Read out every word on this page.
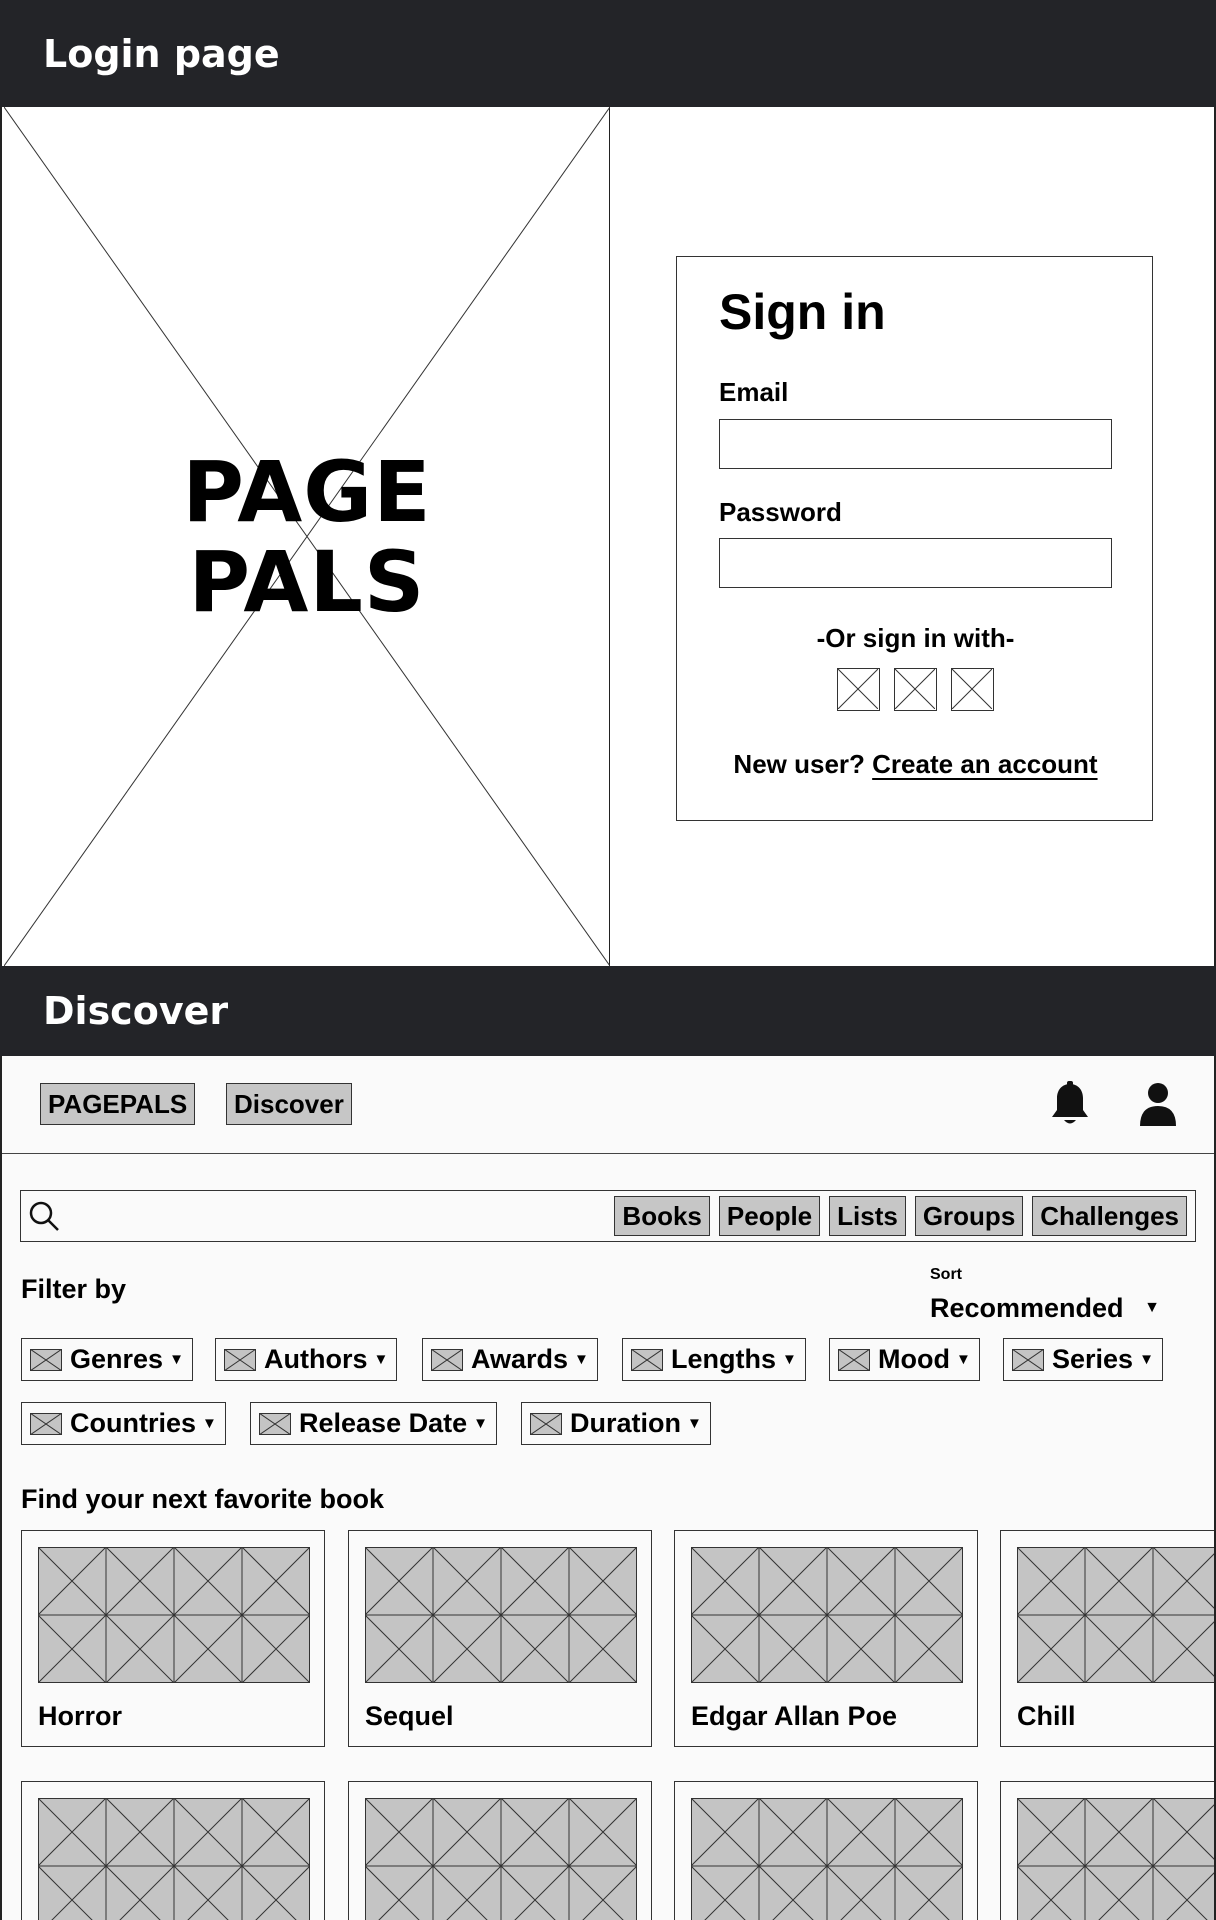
Login page
PAGE
PALS
Sign in
Email
Password
-Or sign in with-
New user? Create an account
Discover
PAGEPALS	Discover
Books People Lists Groups Challenges
Filter by	Sort
Recommended ▼
Genres ▼	Authors ▼	Awards ▼	Lengths ▼	Mood ▼	Series ▼
Countries ▼	Release Date ▼	Duration ▼
Find your next favorite book
Horror	Sequel	Edgar Allan Poe	Chill
